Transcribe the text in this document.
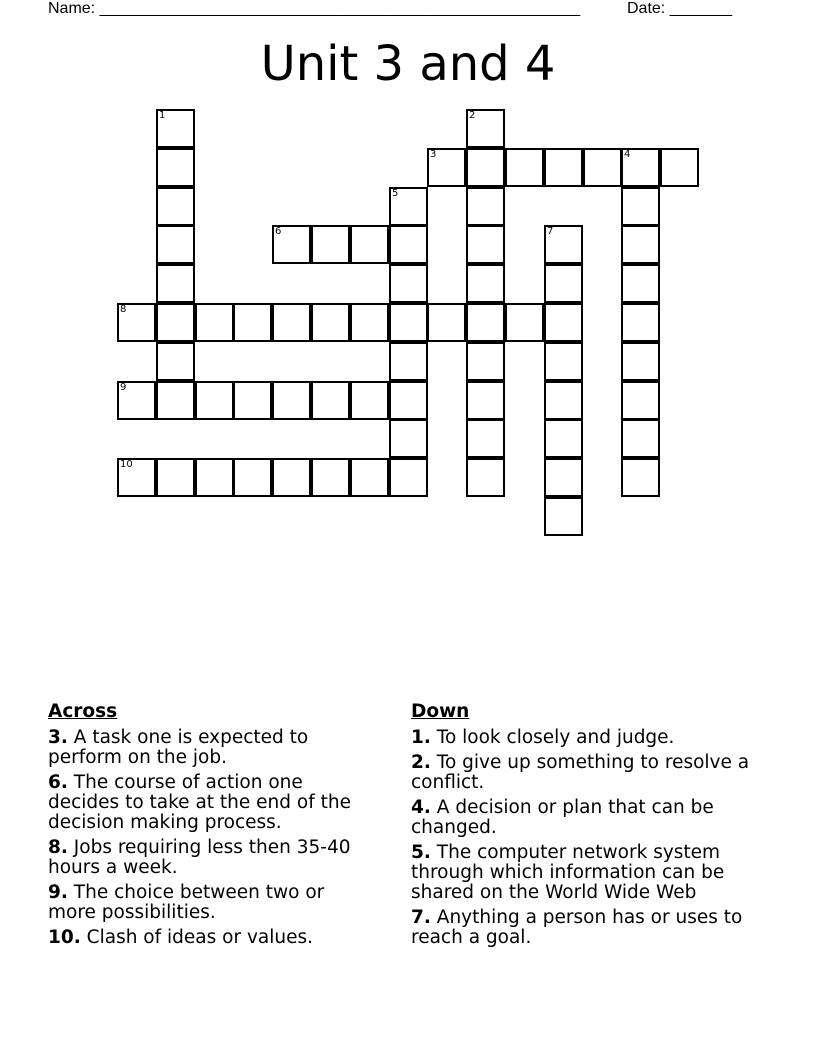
Name: ______________________________________________________	Date: _______
Unit 3 and 4
1	2
3	4
5
6	7
8
9
10
Across
3. A task one is expected to perform on the job.
6. The course of action one decides to take at the end of the decision making process.
8. Jobs requiring less then 35-40 hours a week.
9. The choice between two or more possibilities.
10. Clash of ideas or values.
Down
1. To look closely and judge.
2. To give up something to resolve a conflict.
4. A decision or plan that can be changed.
5. The computer network system through which information can be shared on the World Wide Web
7. Anything a person has or uses to reach a goal.
